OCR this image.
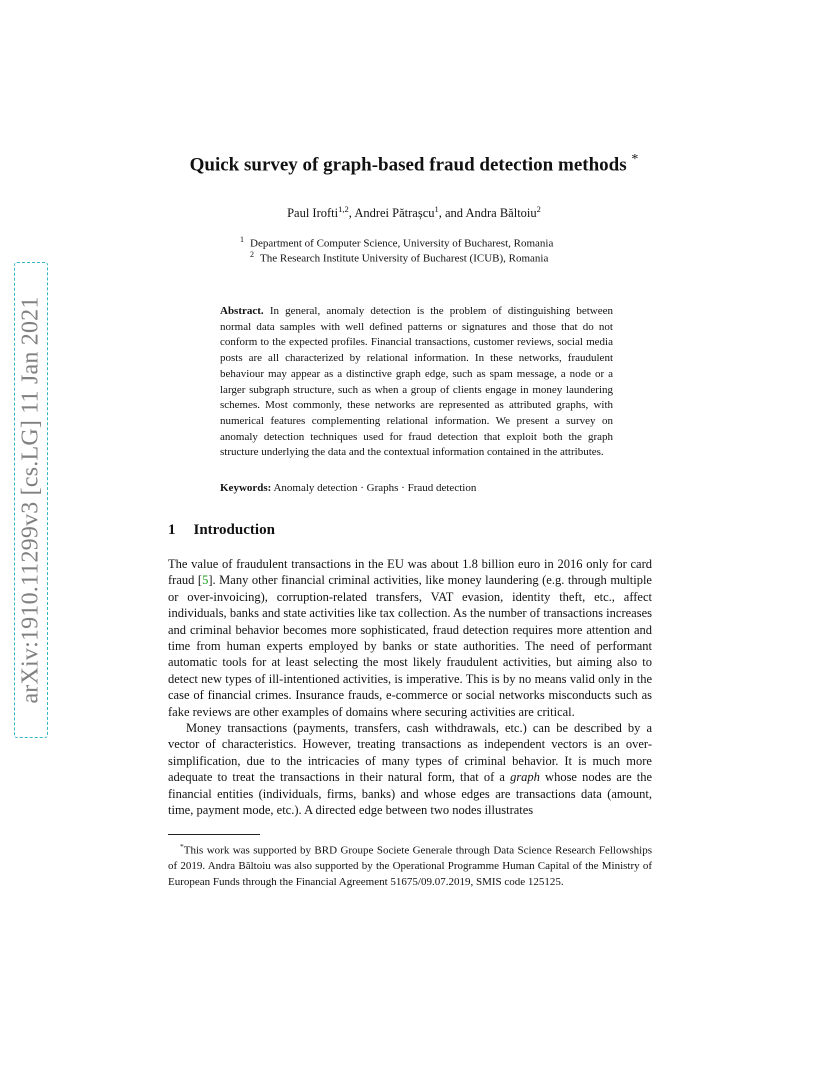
arXiv:1910.11299v3 [cs.LG] 11 Jan 2021
Quick survey of graph-based fraud detection methods *
Paul Irofti$^{1,2}$, Andrei Pătrașcu$^1$, and Andra Băltoiu$^2$
$^1$ Department of Computer Science, University of Bucharest, Romania
$^2$ The Research Institute University of Bucharest (ICUB), Romania
Abstract. In general, anomaly detection is the problem of distinguishing between normal data samples with well defined patterns or signatures and those that do not conform to the expected profiles. Financial transactions, customer reviews, social media posts are all characterized by relational information. In these networks, fraudulent behaviour may appear as a distinctive graph edge, such as spam message, a node or a larger subgraph structure, such as when a group of clients engage in money laundering schemes. Most commonly, these networks are represented as attributed graphs, with numerical features complementing relational information. We present a survey on anomaly detection techniques used for fraud detection that exploit both the graph structure underlying the data and the contextual information contained in the attributes.
Keywords: Anomaly detection · Graphs · Fraud detection
1 Introduction

The value of fraudulent transactions in the EU was about 1.8 billion euro in 2016 only for card fraud [5]. Many other financial criminal activities, like money laundering (e.g. through multiple or over-invoicing), corruption-related transfers, VAT evasion, identity theft, etc., affect individuals, banks and state activities like tax collection. As the number of transactions increases and criminal behavior becomes more sophisticated, fraud detection requires more attention and time from human experts employed by banks or state authorities. The need of performant automatic tools for at least selecting the most likely fraudulent activities, but aiming also to detect new types of ill-intentioned activities, is imperative. This is by no means valid only in the case of financial crimes. Insurance frauds, e-commerce or social networks misconducts such as fake reviews are other examples of domains where securing activities are critical.

Money transactions (payments, transfers, cash withdrawals, etc.) can be described by a vector of characteristics. However, treating transactions as independent vectors is an over-simplification, due to the intricacies of many types of criminal behavior. It is much more adequate to treat the transactions in their natural form, that of a graph whose nodes are the financial entities (individuals, firms, banks) and whose edges are transactions data (amount, time, payment mode, etc.). A directed edge between two nodes illustrates

*This work was supported by BRD Groupe Societe Generale through Data Science Research Fellowships of 2019. Andra Băltoiu was also supported by the Operational Programme Human Capital of the Ministry of European Funds through the Financial Agreement 51675/09.07.2019, SMIS code 125125.
